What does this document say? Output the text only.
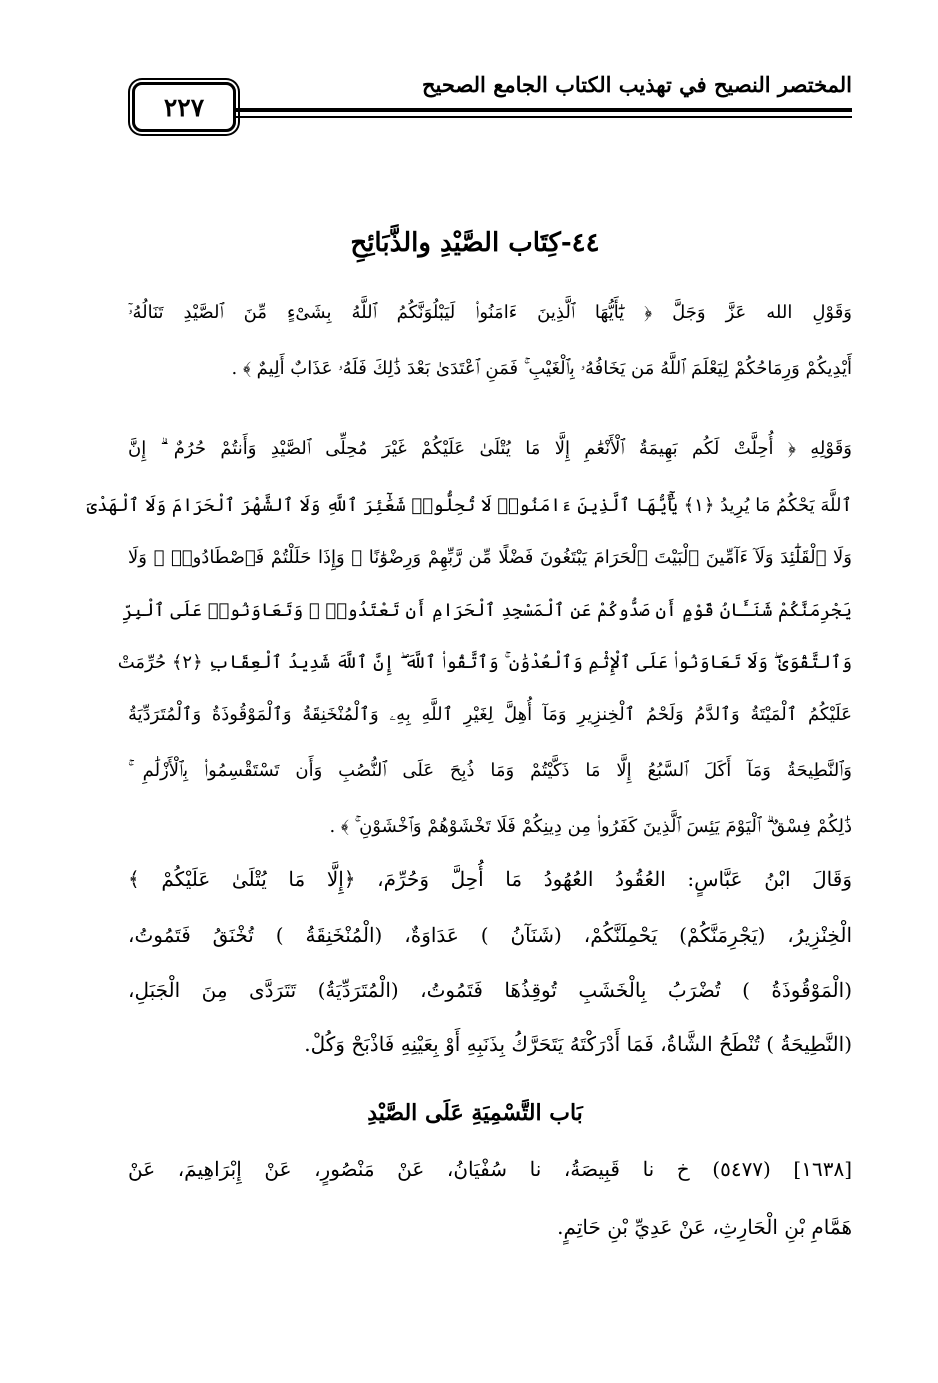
٢٢٧
المختصر النصيح في تهذيب الكتاب الجامع الصحيح
٤٤-كِتَاب الصَّيْدِ والذَّبَائِحِ
وَقَوْلِ الله عَزَّ وَجَلَّ ﴿ يَٰٓأَيُّهَا ٱلَّذِينَ ءَامَنُوا۟ لَيَبْلُوَنَّكُمُ ٱللَّهُ بِشَىْءٍ مِّنَ ٱلصَّيْدِ تَنَالُهُۥٓ
أَيْدِيكُمْ وَرِمَاحُكُمْ لِيَعْلَمَ ٱللَّهُ مَن يَخَافُهُۥ بِٱلْغَيْبِ ۚ فَمَنِ ٱعْتَدَىٰ بَعْدَ ذَٰلِكَ فَلَهُۥ عَذَابٌ أَلِيمٌ ﴾ .
وَقَوْلِهِ ﴿ أُحِلَّتْ لَكُم بَهِيمَةُ ٱلْأَنْعَٰمِ إِلَّا مَا يُتْلَىٰ عَلَيْكُمْ غَيْرَ مُحِلِّى ٱلصَّيْدِ وَأَنتُمْ حُرُمٌ ۗ إِنَّ
ٱللَّهَ يَحْكُمُ مَا يُرِيدُ ﴿١﴾ يَٰٓأَيُّهَا ٱلَّذِينَ ءَامَنُوا۟ لَا تُحِلُّوا۟ شَعَٰٓئِرَ ٱللَّهِ وَلَا ٱلشَّهْرَ ٱلْحَرَامَ وَلَا ٱلْهَدْىَ
وَلَا ٱلْقَلَٰٓئِدَ وَلَآ ءَآمِّينَ ٱلْبَيْتَ ٱلْحَرَامَ يَبْتَغُونَ فَضْلًا مِّن رَّبِّهِمْ وَرِضْوَٰنًا ۚ وَإِذَا حَلَلْتُمْ فَٱصْطَادُوا۟ ۚ وَلَا
يَجْرِمَنَّكُمْ شَنَـَٔانُ قَوْمٍ أَن صَدُّوكُمْ عَنِ ٱلْمَسْجِدِ ٱلْحَرَامِ أَن تَعْتَدُوا۟ ۘ وَتَعَاوَنُوا۟ عَلَى ٱلْبِرِّ
وَٱلتَّقْوَىٰ ۖ وَلَا تَعَاوَنُوا۟ عَلَى ٱلْإِثْمِ وَٱلْعُدْوَٰنِ ۚ وَٱتَّقُوا۟ ٱللَّهَ ۖ إِنَّ ٱللَّهَ شَدِيدُ ٱلْعِقَابِ ﴿٢﴾ حُرِّمَتْ
عَلَيْكُمُ ٱلْمَيْتَةُ وَٱلدَّمُ وَلَحْمُ ٱلْخِنزِيرِ وَمَآ أُهِلَّ لِغَيْرِ ٱللَّهِ بِهِۦ وَٱلْمُنْخَنِقَةُ وَٱلْمَوْقُوذَةُ وَٱلْمُتَرَدِّيَةُ
وَٱلنَّطِيحَةُ وَمَآ أَكَلَ ٱلسَّبُعُ إِلَّا مَا ذَكَّيْتُمْ وَمَا ذُبِحَ عَلَى ٱلنُّصُبِ وَأَن تَسْتَقْسِمُوا۟ بِٱلْأَزْلَٰمِ ۚ
ذَٰلِكُمْ فِسْقٌ ۗ ٱلْيَوْمَ يَئِسَ ٱلَّذِينَ كَفَرُوا۟ مِن دِينِكُمْ فَلَا تَخْشَوْهُمْ وَٱخْشَوْنِ ۚ ﴾ .
وَقَالَ ابْنُ عَبَّاسٍ: العُقُودُ العُهُودُ مَا أُحِلَّ وَحُرِّمَ، ﴿إِلَّا مَا يُتْلَىٰ عَلَيْكُمْ ﴾
الْخِنْزِيرُ، (يَجْرِمَنَّكُمْ) يَحْمِلَنَّكُمْ، (شَنَآنُ ) عَدَاوَةٌ، (الْمُنْخَنِقَةُ ) تُخْنَقُ فَتَمُوتُ،
(الْمَوْقُوذَةُ ) تُضْرَبُ بِالْخَشَبِ تُوقِذُهَا فَتَمُوتُ، (الْمُتَرَدِّيَةُ) تَتَرَدَّى مِنَ الْجَبَلِ،
(النَّطِيحَةُ ) تُنْطَحُ الشَّاةُ، فَمَا أَدْرَكْتَهُ يَتَحَرَّكُ بِذَنَبِهِ أَوْ بِعَيْنِهِ فَاذْبَحْ وَكُلْ.
بَاب التَّسْمِيَةِ عَلَى الصَّيْدِ
[١٦٣٨] (٥٤٧٧) خ نا قَبِيصَةُ، نا سُفْيَانُ، عَنْ مَنْصُورٍ، عَنْ إِبْرَاهِيمَ، عَنْ
هَمَّامِ بْنِ الْحَارِثِ، عَنْ عَدِيِّ بْنِ حَاتِمٍ.
